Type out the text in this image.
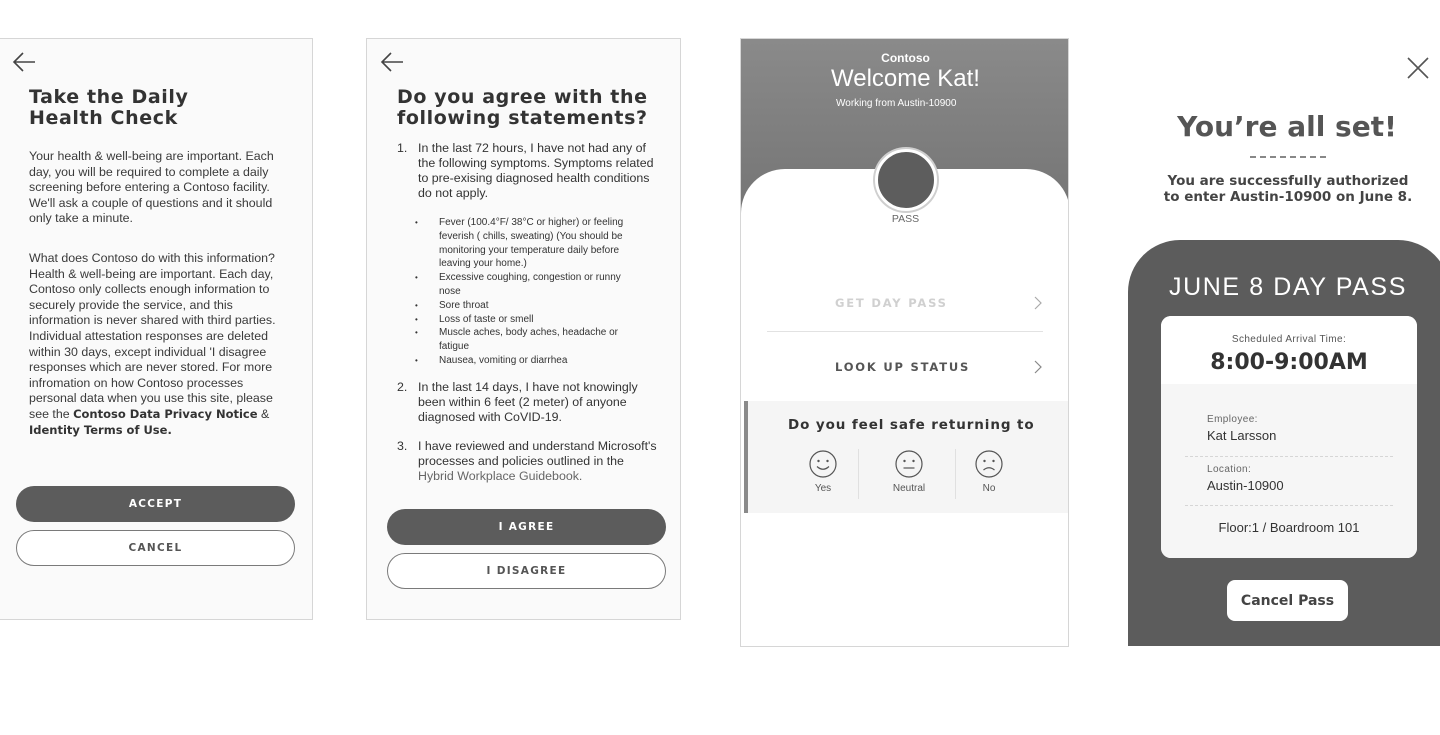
Take the Daily
Health Check
Your health & well-being are important. Each day, you will be required to complete a daily screening before entering a Contoso facility. We'll ask a couple of questions and it should only take a minute.
What does Contoso do with this information? Health & well-being are important. Each day, Contoso only collects enough information to securely provide the service, and this information is never shared with third parties. Individual attestation responses are deleted within 30 days, except individual 'I disagree responses which are never stored. For more infromation on how Contoso processes personal data when you use this site, please see the Contoso Data Privacy Notice & Identity Terms of Use.
ACCEPT
CANCEL
Do you agree with the
following statements?
1. In the last 72 hours, I have not had any of the following symptoms. Symptoms related to pre-exising diagnosed health conditions do not apply.
• Fever (100.4°F/ 38°C or higher) or feeling feverish ( chills, sweating) (You should be monitoring your temperature daily before leaving your home.)
• Excessive coughing, congestion or runny nose
• Sore throat
• Loss of taste or smell
• Muscle aches, body aches, headache or fatigue
• Nausea, vomiting or diarrhea
2. In the last 14 days, I have not knowingly been within 6 feet (2 meter) of anyone diagnosed with CoVID-19.
3. I have reviewed and understand Microsoft's processes and policies outlined in the Hybrid Workplace Guidebook.
I AGREE
I DISAGREE
Contoso
Welcome Kat!
Working from Austin-10900
PASS
GET DAY PASS
LOOK UP STATUS
Do you feel safe returning to
Yes	Neutral	No
You’re all set!
You are successfully authorized
to enter Austin-10900 on June 8.
JUNE 8 DAY PASS
Scheduled Arrival Time:
8:00-9:00AM
Employee:
Kat Larsson
Location:
Austin-10900
Floor:1 / Boardroom 101
Cancel Pass
